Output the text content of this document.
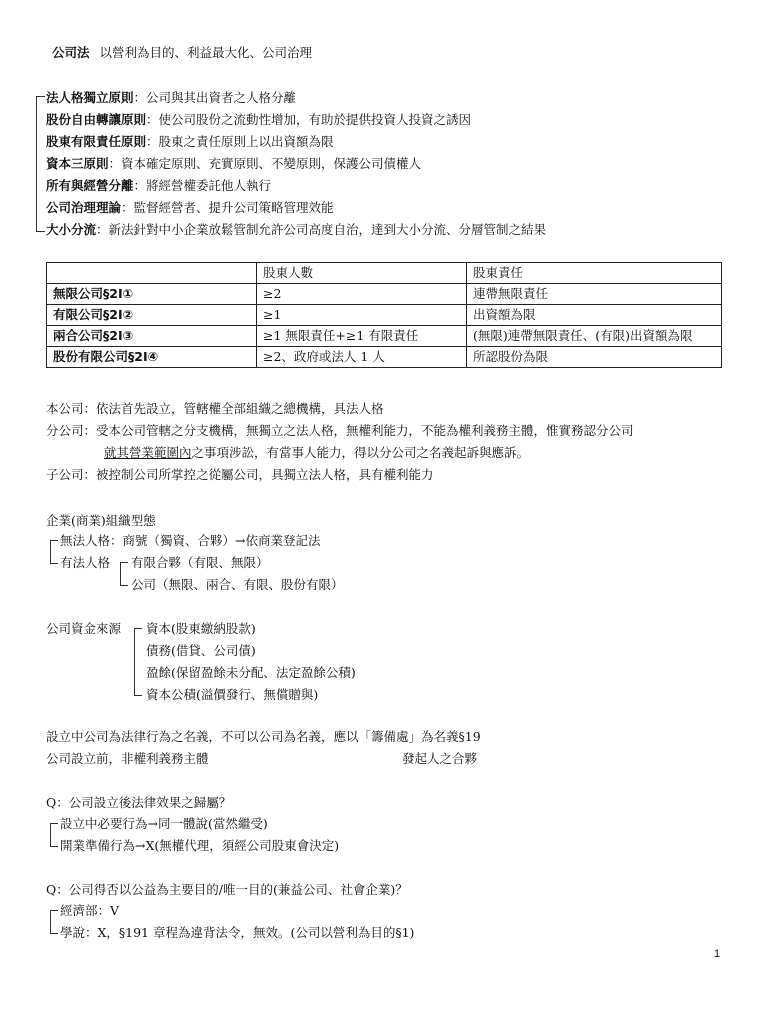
公司法 以營利為目的、利益最大化、公司治理
法人格獨立原則：公司與其出資者之人格分離
股份自由轉讓原則：使公司股份之流動性增加，有助於提供投資人投資之誘因
股東有限責任原則：股東之責任原則上以出資額為限
資本三原則：資本確定原則、充實原則、不變原則，保護公司債權人
所有與經營分離：將經營權委託他人執行
公司治理理論：監督經營者、提升公司策略管理效能
大小分流：新法針對中小企業放鬆管制允許公司高度自治，達到大小分流、分層管制之結果
	股東人數	股東責任
無限公司§2I①	≥2	連帶無限責任
有限公司§2I②	≥1	出資額為限
兩合公司§2I③	≥1 無限責任+≥1 有限責任	(無限)連帶無限責任、(有限)出資額為限
股份有限公司§2I④	≥2、政府或法人 1 人	所認股份為限
本公司：依法首先設立，管轄權全部組織之總機構，具法人格
分公司：受本公司管轄之分支機構，無獨立之法人格，無權利能力，不能為權利義務主體，惟實務認分公司
就其營業範圍內之事項涉訟，有當事人能力，得以分公司之名義起訴與應訴。
子公司：被控制公司所掌控之從屬公司，具獨立法人格，具有權利能力
企業(商業)組織型態
無法人格：商號（獨資、合夥）→依商業登記法
有法人格 有限合夥（有限、無限）
公司（無限、兩合、有限、股份有限）
公司資金來源 資本(股東繳納股款)
債務(借貸、公司債)
盈餘(保留盈餘未分配、法定盈餘公積)
資本公積(溢價發行、無償贈與)
設立中公司為法律行為之名義，不可以公司為名義，應以「籌備處」為名義§19
公司設立前，非權利義務主體	發起人之合夥
Q：公司設立後法律效果之歸屬？
設立中必要行為→同一體說(當然繼受)
開業準備行為→X(無權代理，須經公司股東會決定)
Q：公司得否以公益為主要目的/唯一目的(兼益公司、社會企業)？
經濟部：V
學說：X，§191 章程為違背法令，無效。(公司以營利為目的§1)
1
